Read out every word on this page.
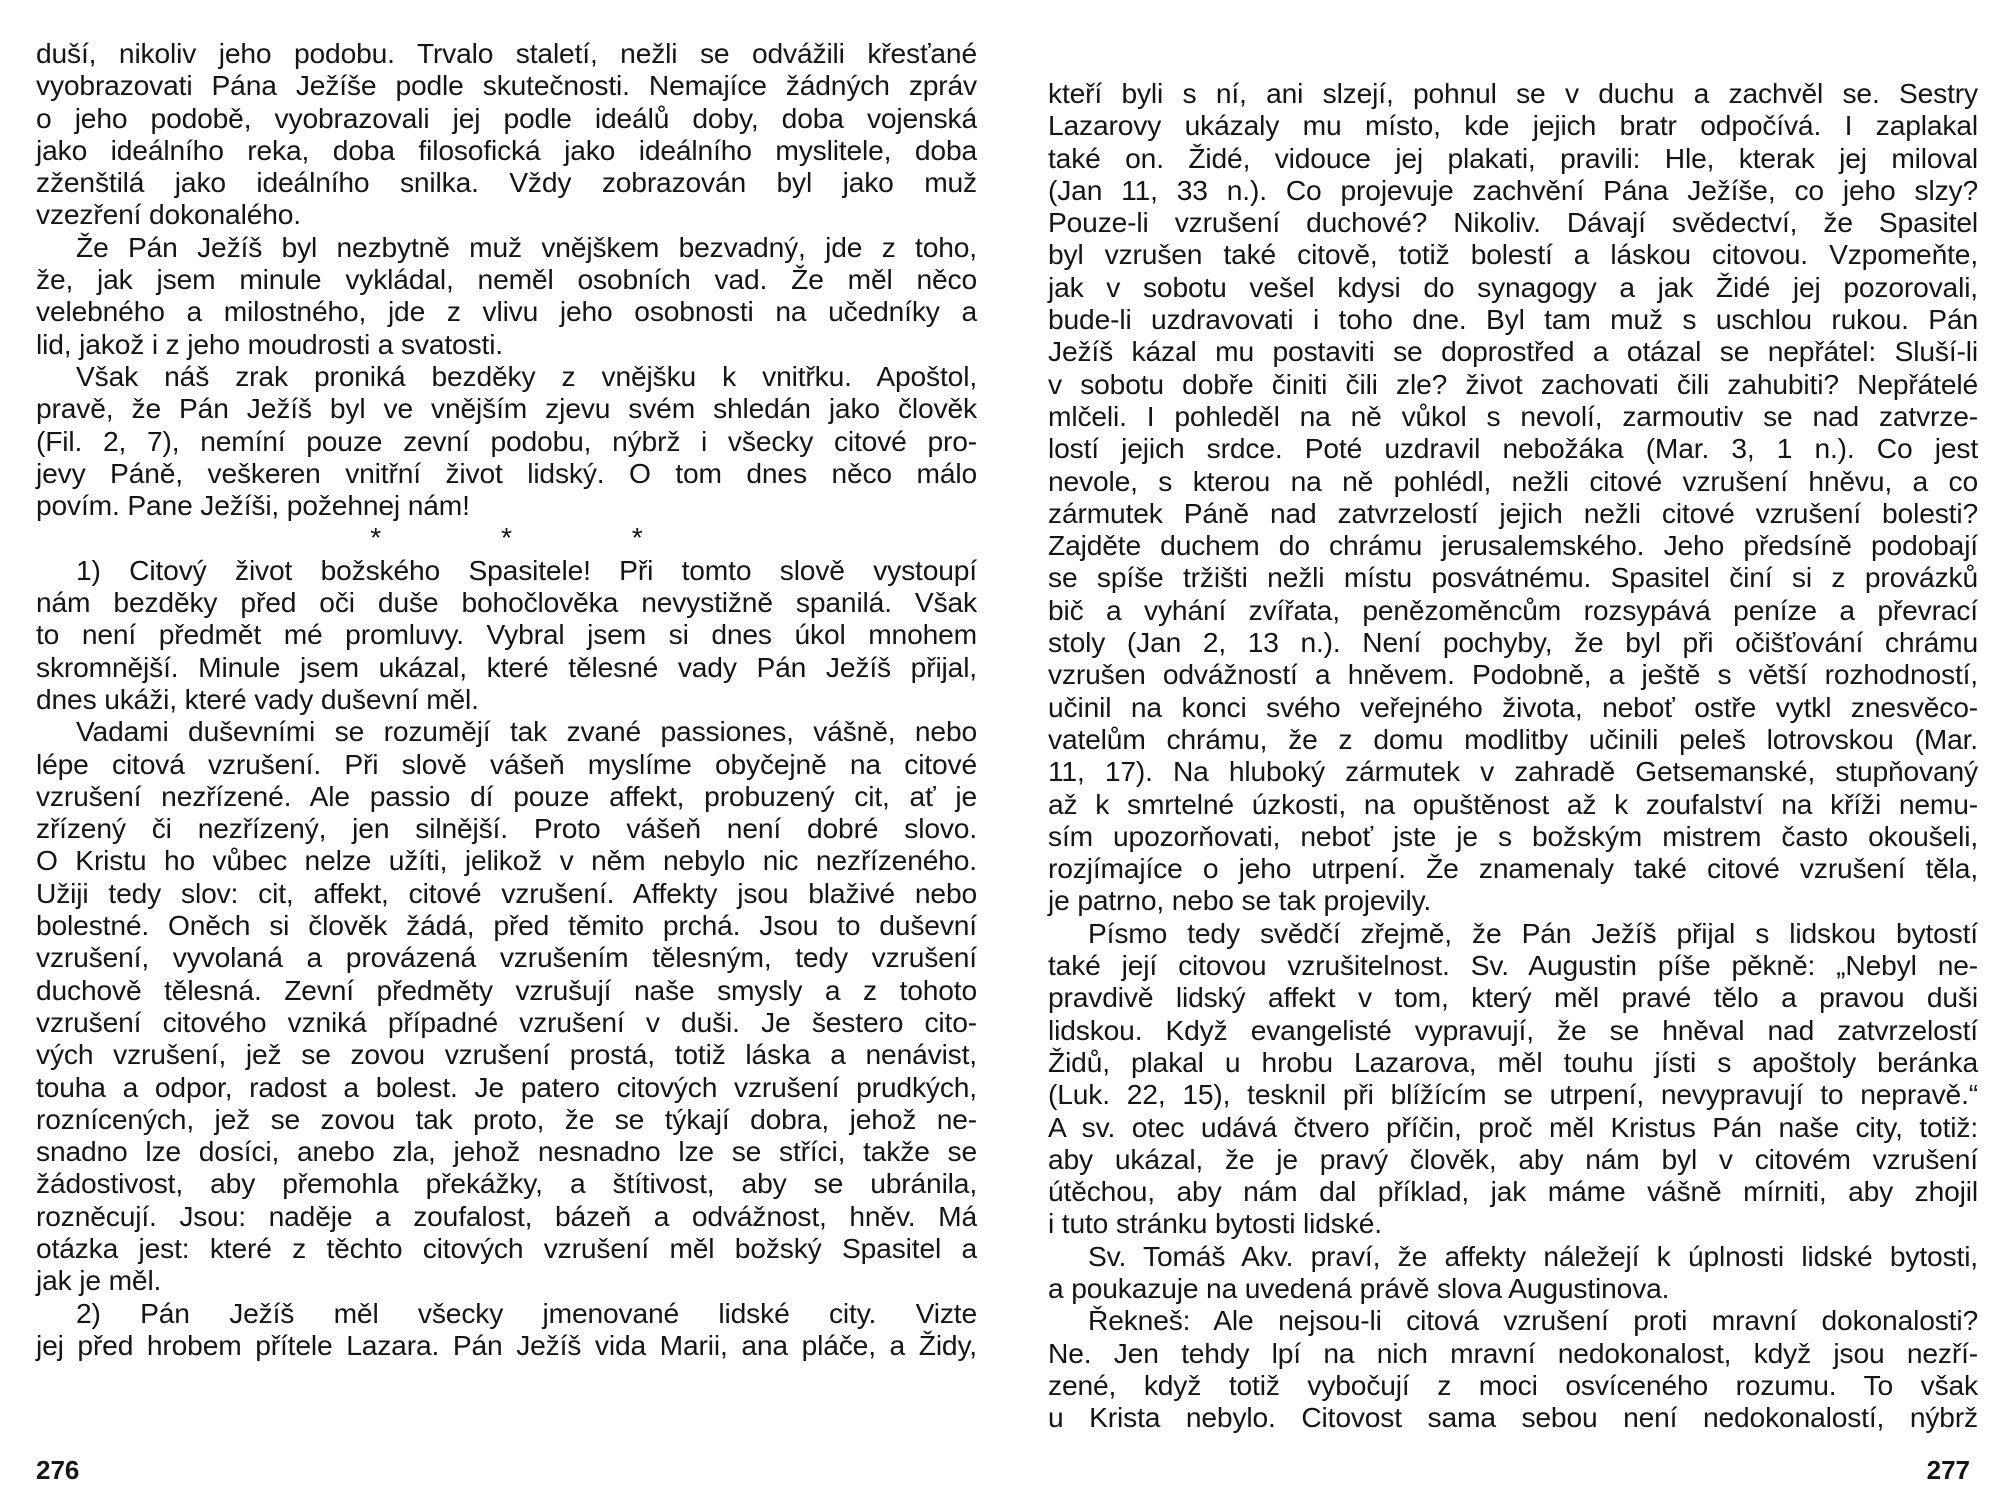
duší, nikoliv jeho podobu. Trvalo staletí, nežli se odvážili křesťané
vyobrazovati Pána Ježíše podle skutečnosti. Nemajíce žádných zpráv
o jeho podobě, vyobrazovali jej podle ideálů doby, doba vojenská
jako ideálního reka, doba filosofická jako ideálního myslitele, doba
zženštilá jako ideálního snilka. Vždy zobrazován byl jako muž
vzezření dokonalého.
Že Pán Ježíš byl nezbytně muž vnějškem bezvadný, jde z toho,
že, jak jsem minule vykládal, neměl osobních vad. Že měl něco
velebného a milostného, jde z vlivu jeho osobnosti na učedníky a
lid, jakož i z jeho moudrosti a svatosti.
Však náš zrak proniká bezděky z vnějšku k vnitřku. Apoštol,
pravě, že Pán Ježíš byl ve vnějším zjevu svém shledán jako člověk
(Fil. 2, 7), nemíní pouze zevní podobu, nýbrž i všecky citové pro-
jevy Páně, veškeren vnitřní život lidský. O tom dnes něco málo
povím. Pane Ježíši, požehnej nám!
* * *
1) Citový život božského Spasitele! Při tomto slově vystoupí
nám bezděky před oči duše bohočlověka nevystižně spanilá. Však
to není předmět mé promluvy. Vybral jsem si dnes úkol mnohem
skromnější. Minule jsem ukázal, které tělesné vady Pán Ježíš přijal,
dnes ukáži, které vady duševní měl.
Vadami duševními se rozumějí tak zvané passiones, vášně, nebo
lépe citová vzrušení. Při slově vášeň myslíme obyčejně na citové
vzrušení nezřízené. Ale passio dí pouze affekt, probuzený cit, ať je
zřízený či nezřízený, jen silnější. Proto vášeň není dobré slovo.
O Kristu ho vůbec nelze užíti, jelikož v něm nebylo nic nezřízeného.
Užiji tedy slov: cit, affekt, citové vzrušení. Affekty jsou blaživé nebo
bolestné. Oněch si člověk žádá, před těmito prchá. Jsou to duševní
vzrušení, vyvolaná a provázená vzrušením tělesným, tedy vzrušení
duchově tělesná. Zevní předměty vzrušují naše smysly a z tohoto
vzrušení citového vzniká případné vzrušení v duši. Je šestero cito-
vých vzrušení, jež se zovou vzrušení prostá, totiž láska a nenávist,
touha a odpor, radost a bolest. Je patero citových vzrušení prudkých,
roznícených, jež se zovou tak proto, že se týkají dobra, jehož ne-
snadno lze dosíci, anebo zla, jehož nesnadno lze se stříci, takže se
žádostivost, aby přemohla překážky, a štítivost, aby se ubránila,
rozněcují. Jsou: naděje a zoufalost, bázeň a odvážnost, hněv. Má
otázka jest: které z těchto citových vzrušení měl božský Spasitel a
jak je měl.
2) Pán Ježíš měl všecky jmenované lidské city. Vizte
jej před hrobem přítele Lazara. Pán Ježíš vida Marii, ana pláče, a Židy,
276
kteří byli s ní, ani slzejí, pohnul se v duchu a zachvěl se. Sestry
Lazarovy ukázaly mu místo, kde jejich bratr odpočívá. I zaplakal
také on. Židé, vidouce jej plakati, pravili: Hle, kterak jej miloval
(Jan 11, 33 n.). Co projevuje zachvění Pána Ježíše, co jeho slzy?
Pouze-li vzrušení duchové? Nikoliv. Dávají svědectví, že Spasitel
byl vzrušen také citově, totiž bolestí a láskou citovou. Vzpomeňte,
jak v sobotu vešel kdysi do synagogy a jak Židé jej pozorovali,
bude-li uzdravovati i toho dne. Byl tam muž s uschlou rukou. Pán
Ježíš kázal mu postaviti se doprostřed a otázal se nepřátel: Sluší-li
v sobotu dobře činiti čili zle? život zachovati čili zahubiti? Nepřátelé
mlčeli. I pohleděl na ně vůkol s nevolí, zarmoutiv se nad zatvrze-
lostí jejich srdce. Poté uzdravil nebožáka (Mar. 3, 1 n.). Co jest
nevole, s kterou na ně pohlédl, nežli citové vzrušení hněvu, a co
zármutek Páně nad zatvrzelostí jejich nežli citové vzrušení bolesti?
Zajděte duchem do chrámu jerusalemského. Jeho předsíně podobají
se spíše tržišti nežli místu posvátnému. Spasitel činí si z provázků
bič a vyhání zvířata, penězoměncům rozsypává peníze a převrací
stoly (Jan 2, 13 n.). Není pochyby, že byl při očišťování chrámu
vzrušen odvážností a hněvem. Podobně, a ještě s větší rozhodností,
učinil na konci svého veřejného života, neboť ostře vytkl znesvěco-
vatelům chrámu, že z domu modlitby učinili peleš lotrovskou (Mar.
11, 17). Na hluboký zármutek v zahradě Getsemanské, stupňovaný
až k smrtelné úzkosti, na opuštěnost až k zoufalství na kříži nemu-
sím upozorňovati, neboť jste je s božským mistrem často okoušeli,
rozjímajíce o jeho utrpení. Že znamenaly také citové vzrušení těla,
je patrno, nebo se tak projevily.
Písmo tedy svědčí zřejmě, že Pán Ježíš přijal s lidskou bytostí
také její citovou vzrušitelnost. Sv. Augustin píše pěkně: „Nebyl ne-
pravdivě lidský affekt v tom, který měl pravé tělo a pravou duši
lidskou. Když evangelisté vypravují, že se hněval nad zatvrzelostí
Židů, plakal u hrobu Lazarova, měl touhu jísti s apoštoly beránka
(Luk. 22, 15), tesknil při blížícím se utrpení, nevypravují to nepravě.“
A sv. otec udává čtvero příčin, proč měl Kristus Pán naše city, totiž:
aby ukázal, že je pravý člověk, aby nám byl v citovém vzrušení
útěchou, aby nám dal příklad, jak máme vášně mírniti, aby zhojil
i tuto stránku bytosti lidské.
Sv. Tomáš Akv. praví, že affekty náležejí k úplnosti lidské bytosti,
a poukazuje na uvedená právě slova Augustinova.
Řekneš: Ale nejsou-li citová vzrušení proti mravní dokonalosti?
Ne. Jen tehdy lpí na nich mravní nedokonalost, když jsou nezří-
zené, když totiž vybočují z moci osvíceného rozumu. To však
u Krista nebylo. Citovost sama sebou není nedokonalostí, nýbrž
277
